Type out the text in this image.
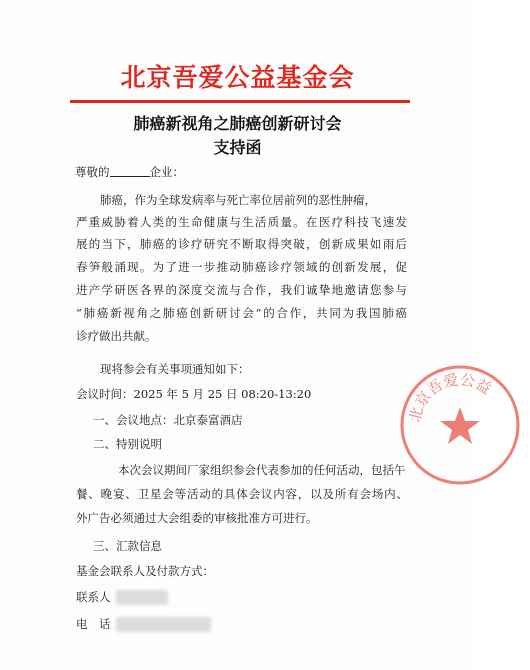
北京吾爱公益基金会
肺癌新视角之肺癌创新研讨会
支持函
尊敬的	企业：
肺癌，作为全球发病率与死亡率位居前列的恶性肿瘤，
严重威胁着人类的生命健康与生活质量。在医疗科技飞速发
展的当下，肺癌的诊疗研究不断取得突破，创新成果如雨后
春笋般涌现。为了进一步推动肺癌诊疗领域的创新发展，促
进产学研医各界的深度交流与合作，我们诚挚地邀请您参与
“肺癌新视角之肺癌创新研讨会”的合作，共同为我国肺癌
诊疗做出共献。
现将参会有关事项通知如下：
会议时间：2025 年 5 月 25 日 08:20-13:20
一、会议地点：北京泰富酒店
二、特别说明
本次会议期间厂家组织参会代表参加的任何活动，包括午
餐、晚宴、卫星会等活动的具体会议内容，以及所有会场内、
外广告必须通过大会组委的审核批准方可进行。
三、汇款信息
基金会联系人及付款方式：
联系人
电　话
北京吾爱公益
